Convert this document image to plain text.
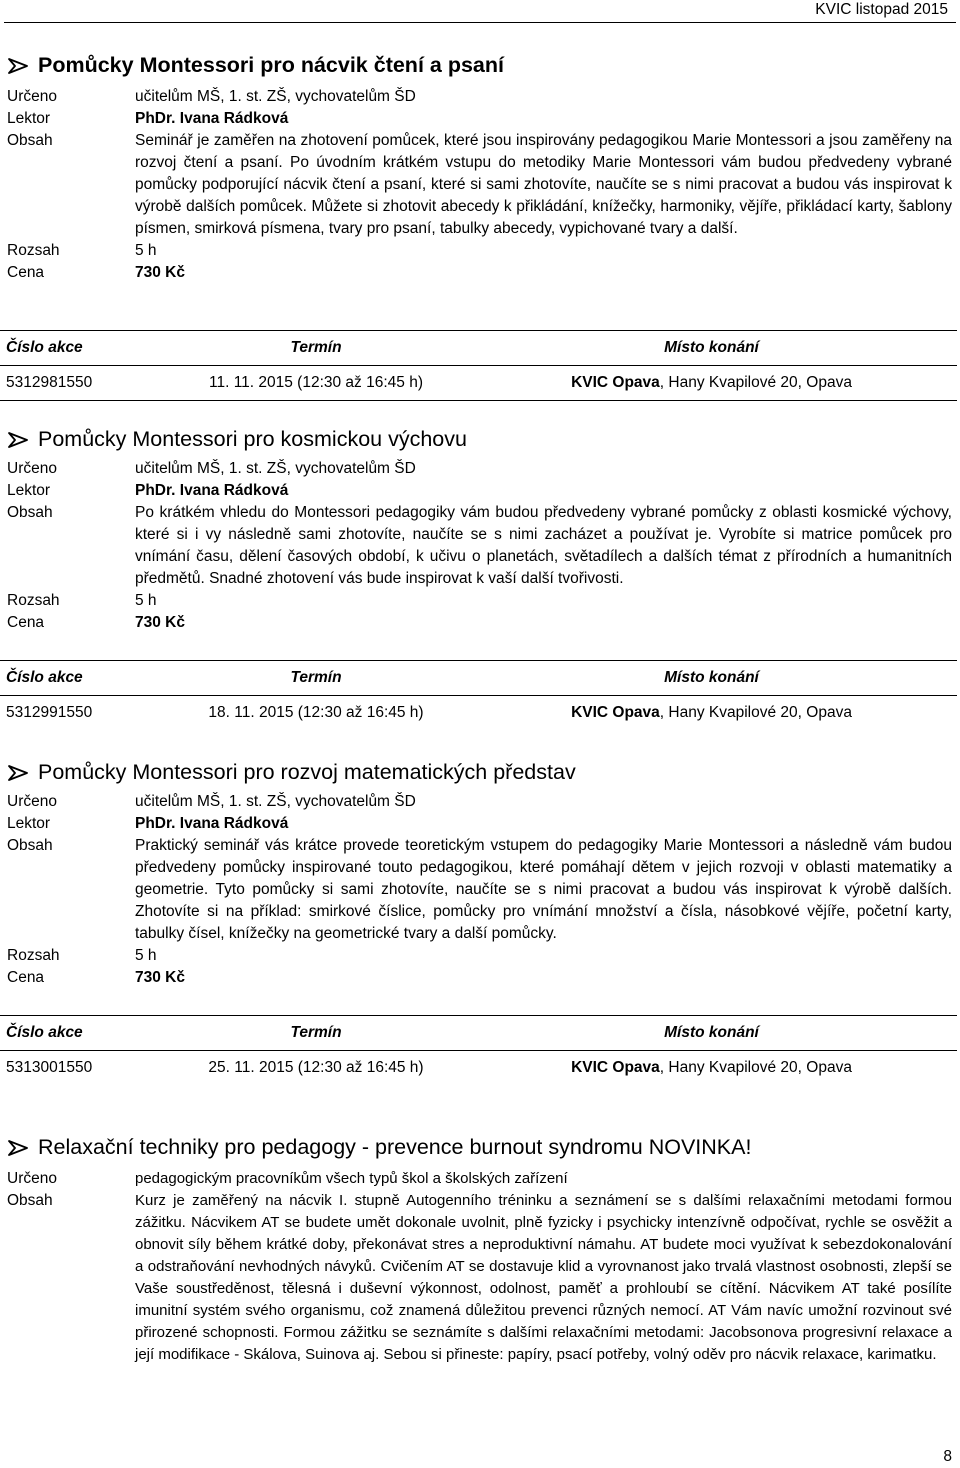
KVIC listopad 2015
Pomůcky Montessori pro nácvik čtení a psaní
Určeno	učitelům MŠ, 1. st. ZŠ, vychovatelům ŠD
Lektor	PhDr. Ivana Rádková
Obsah	Seminář je zaměřen na zhotovení pomůcek, které jsou inspirovány pedagogikou Marie Montessori a jsou zaměřeny na rozvoj čtení a psaní. Po úvodním krátkém vstupu do metodiky Marie Montessori vám budou předvedeny vybrané pomůcky podporující nácvik čtení a psaní, které si sami zhotovíte, naučíte se s nimi pracovat a budou vás inspirovat k výrobě dalších pomůcek. Můžete si zhotovit abecedy k přikládání, knížečky, harmoniky, vějíře, přikládací karty, šablony písmen, smirková písmena, tvary pro psaní, tabulky abecedy, vypichované tvary a další.
Rozsah	5 h
Cena	730 Kč
Číslo akce	Termín	Místo konání
5312981550	11. 11. 2015 (12:30 až 16:45 h)	KVIC Opava, Hany Kvapilové 20, Opava
Pomůcky Montessori pro kosmickou výchovu
Určeno	učitelům MŠ, 1. st. ZŠ, vychovatelům ŠD
Lektor	PhDr. Ivana Rádková
Obsah	Po krátkém vhledu do Montessori pedagogiky vám budou předvedeny vybrané pomůcky z oblasti kosmické výchovy, které si i vy následně sami zhotovíte, naučíte se s nimi zacházet a používat je. Vyrobíte si matrice pomůcek pro vnímání času, dělení časových období, k učivu o planetách, světadílech a dalších témat z přírodních a humanitních předmětů. Snadné zhotovení vás bude inspirovat k vaší další tvořivosti.
Rozsah	5 h
Cena	730 Kč
Číslo akce	Termín	Místo konání
5312991550	18. 11. 2015 (12:30 až 16:45 h)	KVIC Opava, Hany Kvapilové 20, Opava
Pomůcky Montessori pro rozvoj matematických představ
Určeno	učitelům MŠ, 1. st. ZŠ, vychovatelům ŠD
Lektor	PhDr. Ivana Rádková
Obsah	Praktický seminář vás krátce provede teoretickým vstupem do pedagogiky Marie Montessori a následně vám budou předvedeny pomůcky inspirované touto pedagogikou, které pomáhají dětem v jejich rozvoji v oblasti matematiky a geometrie. Tyto pomůcky si sami zhotovíte, naučíte se s nimi pracovat a budou vás inspirovat k výrobě dalších. Zhotovíte si na příklad: smirkové číslice, pomůcky pro vnímání množství a čísla, násobkové vějíře, početní karty, tabulky čísel, knížečky na geometrické tvary a další pomůcky.
Rozsah	5 h
Cena	730 Kč
Číslo akce	Termín	Místo konání
5313001550	25. 11. 2015 (12:30 až 16:45 h)	KVIC Opava, Hany Kvapilové 20, Opava
Relaxační techniky pro pedagogy - prevence burnout syndromu NOVINKA!
Určeno	pedagogickým pracovníkům všech typů škol a školských zařízení
Obsah	Kurz je zaměřený na nácvik I. stupně Autogenního tréninku a seznámení se s dalšími relaxačními metodami formou zážitku. Nácvikem AT se budete umět dokonale uvolnit, plně fyzicky i psychicky intenzívně odpočívat, rychle se osvěžit a obnovit síly během krátké doby, překonávat stres a neproduktivní námahu. AT budete moci využívat k sebezdokonalování a odstraňování nevhodných návyků. Cvičením AT se dostavuje klid a vyrovnanost jako trvalá vlastnost osobnosti, zlepší se Vaše soustředěnost, tělesná i duševní výkonnost, odolnost, paměť a prohloubí se cítění. Nácvikem AT také posílíte imunitní systém svého organismu, což znamená důležitou prevenci různých nemocí. AT Vám navíc umožní rozvinout své přirozené schopnosti. Formou zážitku se seznámíte s dalšími relaxačními metodami: Jacobsonova progresivní relaxace a její modifikace - Skálova, Suinova aj. Sebou si přineste: papíry, psací potřeby, volný oděv pro nácvik relaxace, karimatku.
8
